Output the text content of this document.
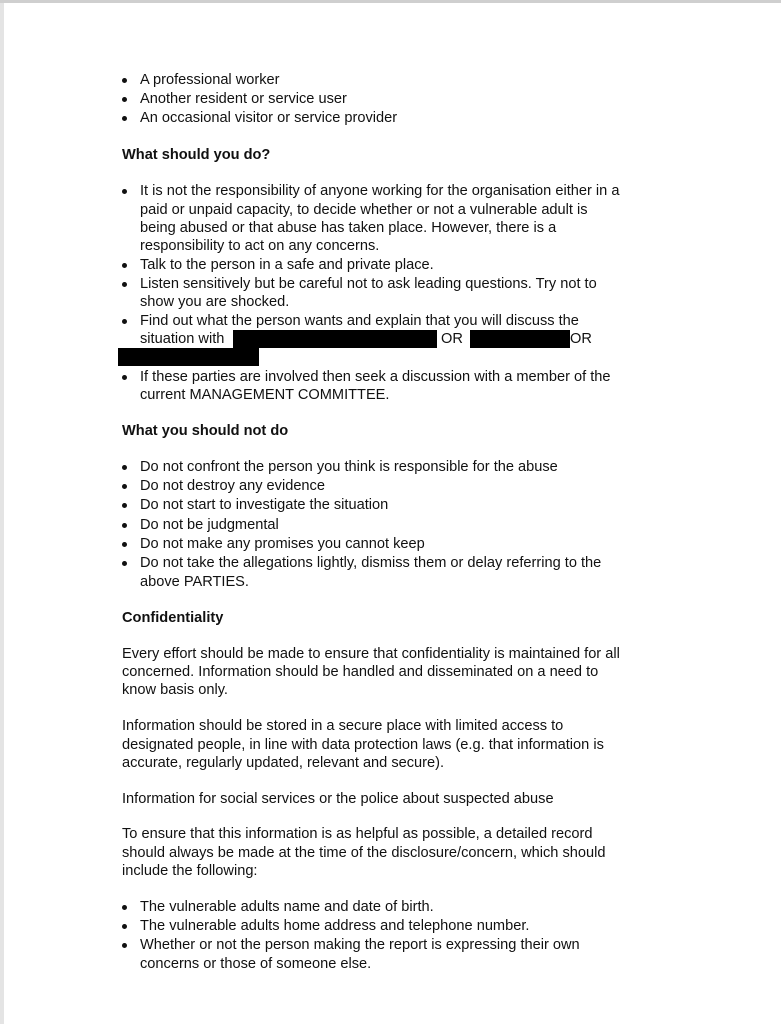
A professional worker
Another resident or service user
An occasional visitor or service provider
What should you do?
It is not the responsibility of anyone working for the organisation either in a
paid or unpaid capacity, to decide whether or not a vulnerable adult is
being abused or that abuse has taken place. However, there is a
responsibility to act on any concerns.
Talk to the person in a safe and private place.
Listen sensitively but be careful not to ask leading questions. Try not to
show you are shocked.
Find out what the person wants and explain that you will discuss the
situation with	OR	OR
If these parties are involved then seek a discussion with a member of the
current MANAGEMENT COMMITTEE.
What you should not do
Do not confront the person you think is responsible for the abuse
Do not destroy any evidence
Do not start to investigate the situation
Do not be judgmental
Do not make any promises you cannot keep
Do not take the allegations lightly, dismiss them or delay referring to the
above PARTIES.
Confidentiality
Every effort should be made to ensure that confidentiality is maintained for all
concerned. Information should be handled and disseminated on a need to
know basis only.
Information should be stored in a secure place with limited access to
designated people, in line with data protection laws (e.g. that information is
accurate, regularly updated, relevant and secure).
Information for social services or the police about suspected abuse
To ensure that this information is as helpful as possible, a detailed record
should always be made at the time of the disclosure/concern, which should
include the following:
The vulnerable adults name and date of birth.
The vulnerable adults home address and telephone number.
Whether or not the person making the report is expressing their own
concerns or those of someone else.
